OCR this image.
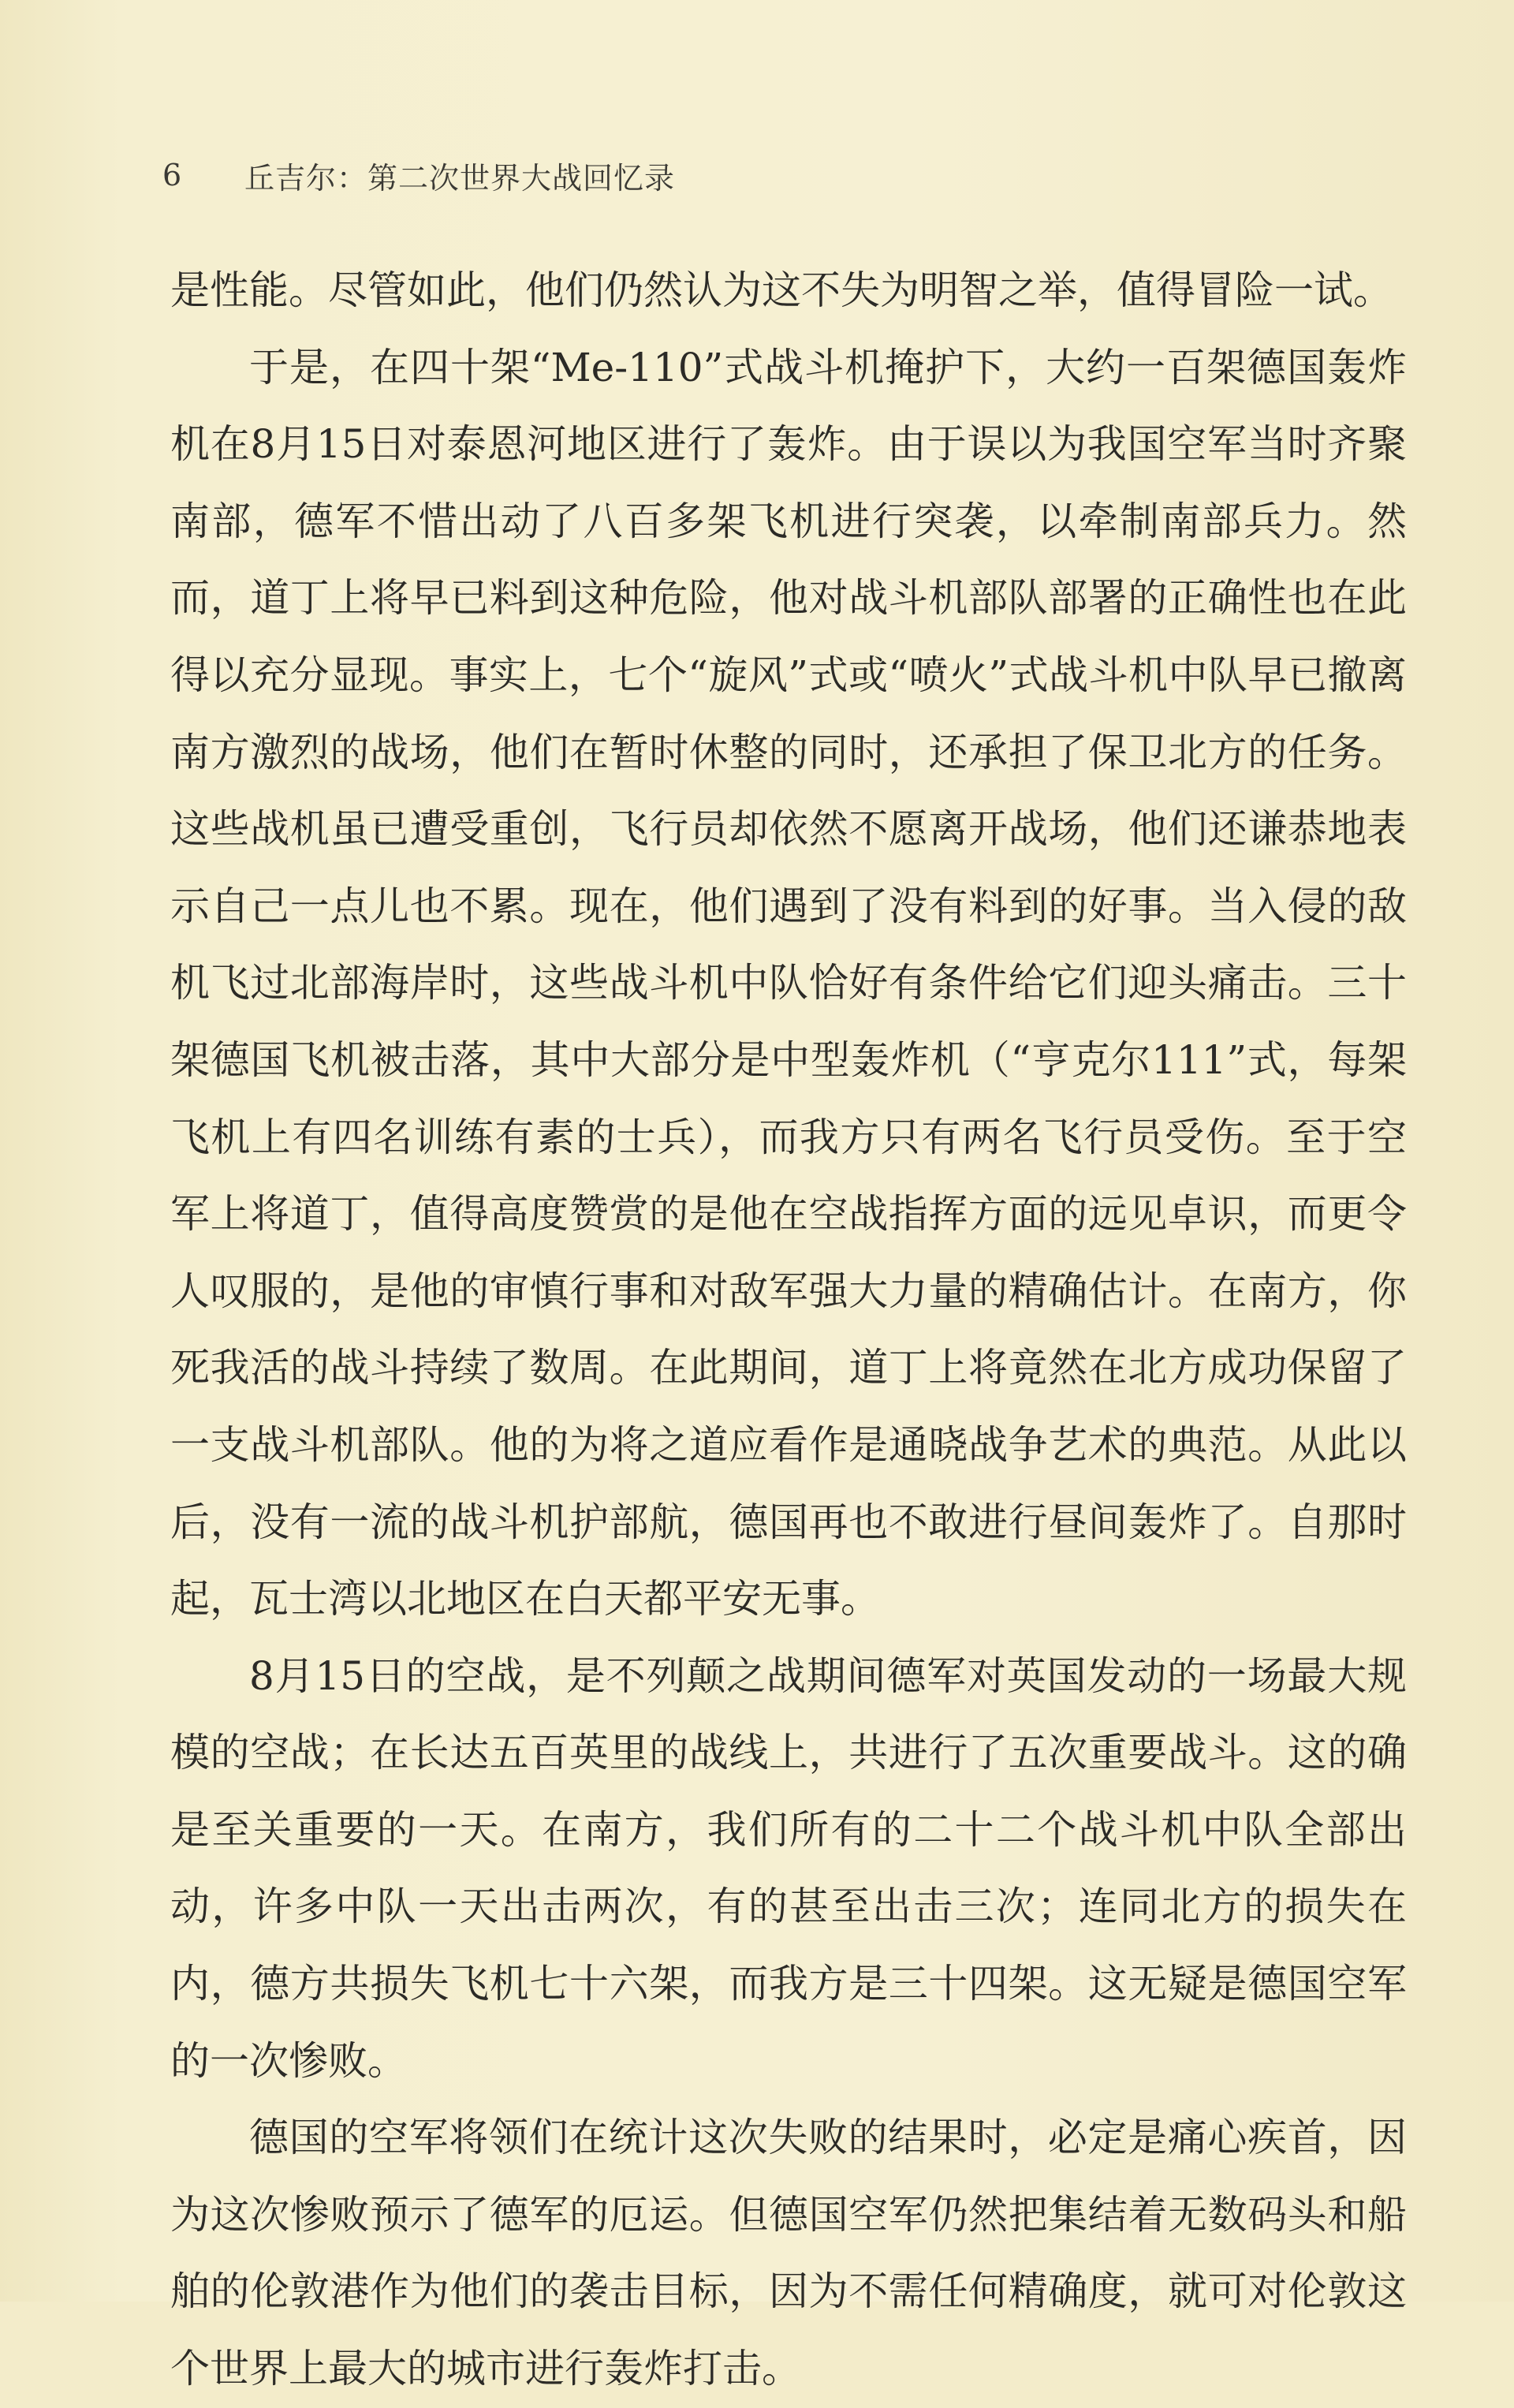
6	丘吉尔：第二次世界大战回忆录

是性能。尽管如此，他们仍然认为这不失为明智之举，值得冒险一试。

于是，在四十架“Me-110”式战斗机掩护下，大约一百架德国轰炸机在8月15日对泰恩河地区进行了轰炸。由于误以为我国空军当时齐聚南部，德军不惜出动了八百多架飞机进行突袭，以牵制南部兵力。然而，道丁上将早已料到这种危险，他对战斗机部队部署的正确性也在此得以充分显现。事实上，七个“旋风”式或“喷火”式战斗机中队早已撤离南方激烈的战场，他们在暂时休整的同时，还承担了保卫北方的任务。这些战机虽已遭受重创，飞行员却依然不愿离开战场，他们还谦恭地表示自己一点儿也不累。现在，他们遇到了没有料到的好事。当入侵的敌机飞过北部海岸时，这些战斗机中队恰好有条件给它们迎头痛击。三十架德国飞机被击落，其中大部分是中型轰炸机（“亨克尔111”式，每架飞机上有四名训练有素的士兵），而我方只有两名飞行员受伤。至于空军上将道丁，值得高度赞赏的是他在空战指挥方面的远见卓识，而更令人叹服的，是他的审慎行事和对敌军强大力量的精确估计。在南方，你死我活的战斗持续了数周。在此期间，道丁上将竟然在北方成功保留了一支战斗机部队。他的为将之道应看作是通晓战争艺术的典范。从此以后，没有一流的战斗机护部航，德国再也不敢进行昼间轰炸了。自那时起，瓦士湾以北地区在白天都平安无事。

8月15日的空战，是不列颠之战期间德军对英国发动的一场最大规模的空战；在长达五百英里的战线上，共进行了五次重要战斗。这的确是至关重要的一天。在南方，我们所有的二十二个战斗机中队全部出动，许多中队一天出击两次，有的甚至出击三次；连同北方的损失在内，德方共损失飞机七十六架，而我方是三十四架。这无疑是德国空军的一次惨败。

德国的空军将领们在统计这次失败的结果时，必定是痛心疾首，因为这次惨败预示了德军的厄运。但德国空军仍然把集结着无数码头和船舶的伦敦港作为他们的袭击目标，因为不需任何精确度，就可对伦敦这个世界上最大的城市进行轰炸打击。
